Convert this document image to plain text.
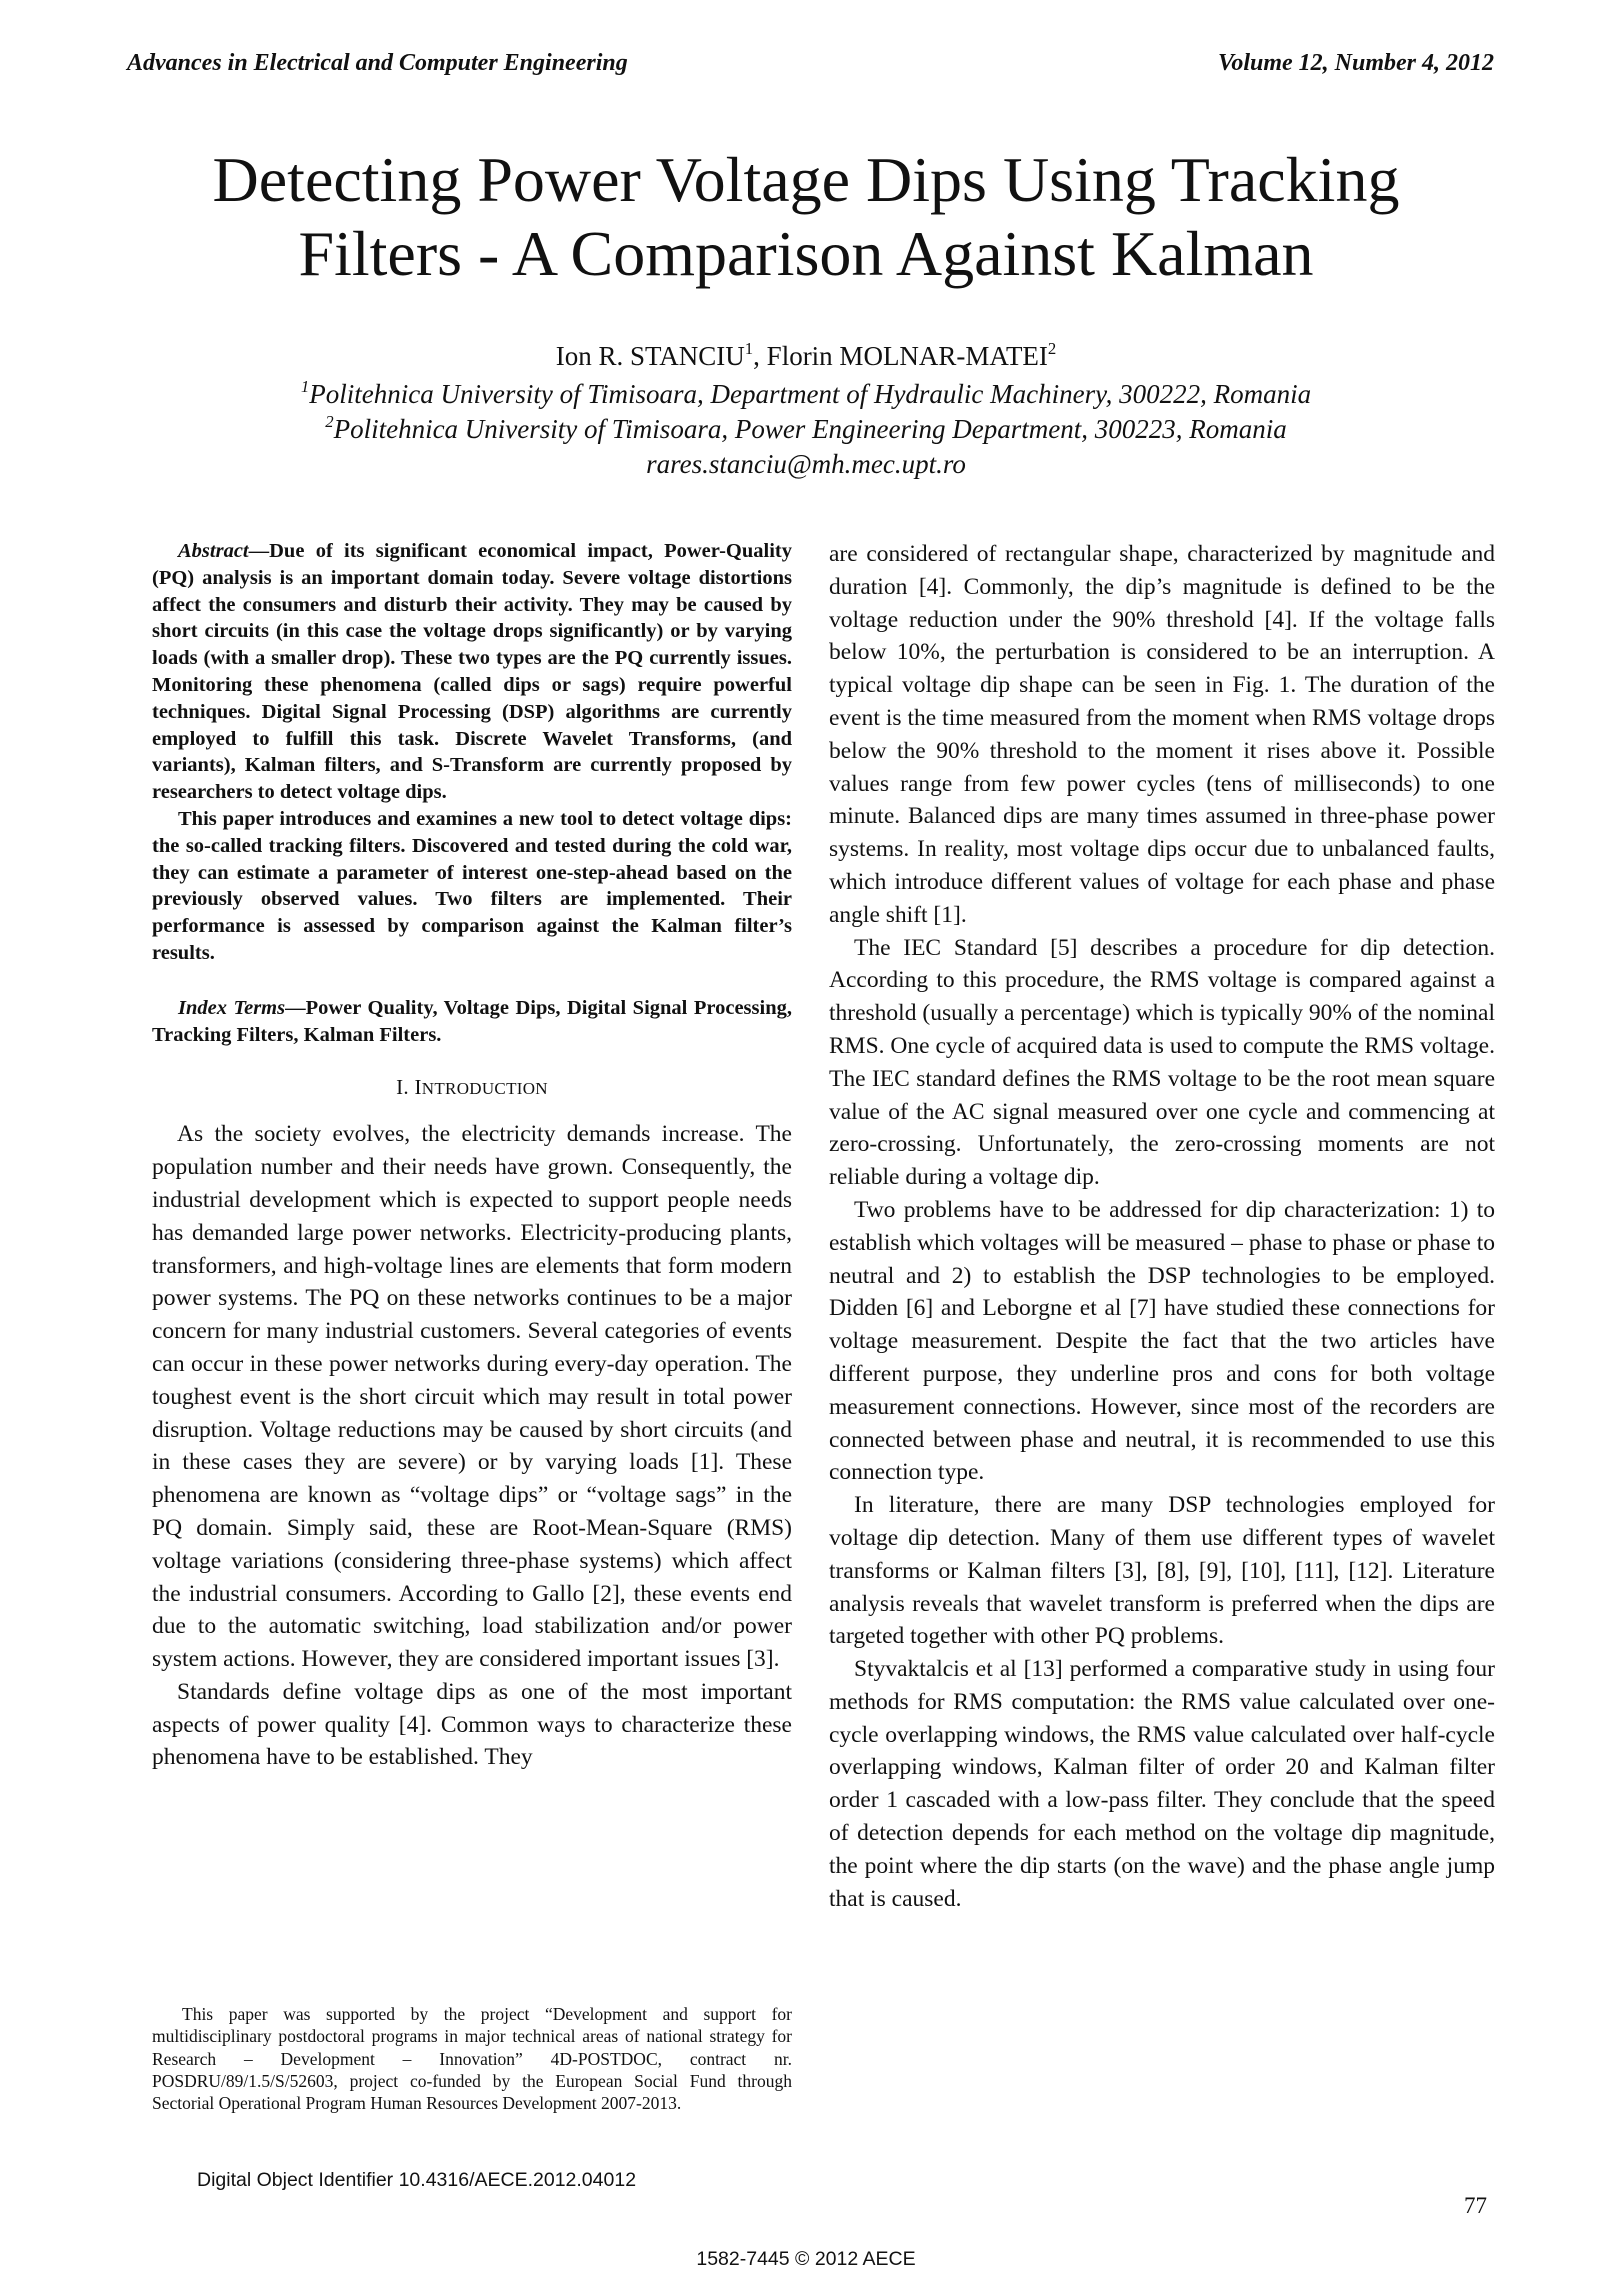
Advances in Electrical and Computer Engineering	Volume 12, Number 4, 2012
Detecting Power Voltage Dips Using Tracking
Filters - A Comparison Against Kalman
Ion R. STANCIU$^1$, Florin MOLNAR-MATEI$^2$
$^1$Politehnica University of Timisoara, Department of Hydraulic Machinery, 300222, Romania
$^2$Politehnica University of Timisoara, Power Engineering Department, 300223, Romania
rares.stanciu@mh.mec.upt.ro

Abstract—Due of its significant economical impact, Power-Quality (PQ) analysis is an important domain today. Severe voltage distortions affect the consumers and disturb their activity. They may be caused by short circuits (in this case the voltage drops significantly) or by varying loads (with a smaller drop). These two types are the PQ currently issues. Monitoring these phenomena (called dips or sags) require powerful techniques. Digital Signal Processing (DSP) algorithms are currently employed to fulfill this task. Discrete Wavelet Transforms, (and variants), Kalman filters, and S-Transform are currently proposed by researchers to detect voltage dips.

This paper introduces and examines a new tool to detect voltage dips: the so-called tracking filters. Discovered and tested during the cold war, they can estimate a parameter of interest one-step-ahead based on the previously observed values. Two filters are implemented. Their performance is assessed by comparison against the Kalman filter’s results.

Index Terms—Power Quality, Voltage Dips, Digital Signal Processing, Tracking Filters, Kalman Filters.

I. INTRODUCTION

As the society evolves, the electricity demands increase. The population number and their needs have grown. Consequently, the industrial development which is expected to support people needs has demanded large power networks. Electricity-producing plants, transformers, and high-voltage lines are elements that form modern power systems. The PQ on these networks continues to be a major concern for many industrial customers. Several categories of events can occur in these power networks during every-day operation. The toughest event is the short circuit which may result in total power disruption. Voltage reductions may be caused by short circuits (and in these cases they are severe) or by varying loads [1]. These phenomena are known as “voltage dips” or “voltage sags” in the PQ domain. Simply said, these are Root-Mean-Square (RMS) voltage variations (considering three-phase systems) which affect the industrial consumers. According to Gallo [2], these events end due to the automatic switching, load stabilization and/or power system actions. However, they are considered important issues [3].

Standards define voltage dips as one of the most important aspects of power quality [4]. Common ways to characterize these phenomena have to be established. They

are considered of rectangular shape, characterized by magnitude and duration [4]. Commonly, the dip’s magnitude is defined to be the voltage reduction under the 90% threshold [4]. If the voltage falls below 10%, the perturbation is considered to be an interruption. A typical voltage dip shape can be seen in Fig. 1. The duration of the event is the time measured from the moment when RMS voltage drops below the 90% threshold to the moment it rises above it. Possible values range from few power cycles (tens of milliseconds) to one minute. Balanced dips are many times assumed in three-phase power systems. In reality, most voltage dips occur due to unbalanced faults, which introduce different values of voltage for each phase and phase angle shift [1].

The IEC Standard [5] describes a procedure for dip detection. According to this procedure, the RMS voltage is compared against a threshold (usually a percentage) which is typically 90% of the nominal RMS. One cycle of acquired data is used to compute the RMS voltage. The IEC standard defines the RMS voltage to be the root mean square value of the AC signal measured over one cycle and commencing at zero-crossing. Unfortunately, the zero-crossing moments are not reliable during a voltage dip.

Two problems have to be addressed for dip characterization: 1) to establish which voltages will be measured – phase to phase or phase to neutral and 2) to establish the DSP technologies to be employed. Didden [6] and Leborgne et al [7] have studied these connections for voltage measurement. Despite the fact that the two articles have different purpose, they underline pros and cons for both voltage measurement connections. However, since most of the recorders are connected between phase and neutral, it is recommended to use this connection type.

In literature, there are many DSP technologies employed for voltage dip detection. Many of them use different types of wavelet transforms or Kalman filters [3], [8], [9], [10], [11], [12]. Literature analysis reveals that wavelet transform is preferred when the dips are targeted together with other PQ problems.

Styvaktalcis et al [13] performed a comparative study in using four methods for RMS computation: the RMS value calculated over one-cycle overlapping windows, the RMS value calculated over half-cycle overlapping windows, Kalman filter of order 20 and Kalman filter order 1 cascaded with a low-pass filter. They conclude that the speed of detection depends for each method on the voltage dip magnitude, the point where the dip starts (on the wave) and the phase angle jump that is caused.

This paper was supported by the project “Development and support for multidisciplinary postdoctoral programs in major technical areas of national strategy for Research – Development – Innovation” 4D-POSTDOC, contract nr. POSDRU/89/1.5/S/52603, project co-funded by the European Social Fund through Sectorial Operational Program Human Resources Development 2007-2013.
Digital Object Identifier 10.4316/AECE.2012.04012
77
1582-7445 © 2012 AECE
